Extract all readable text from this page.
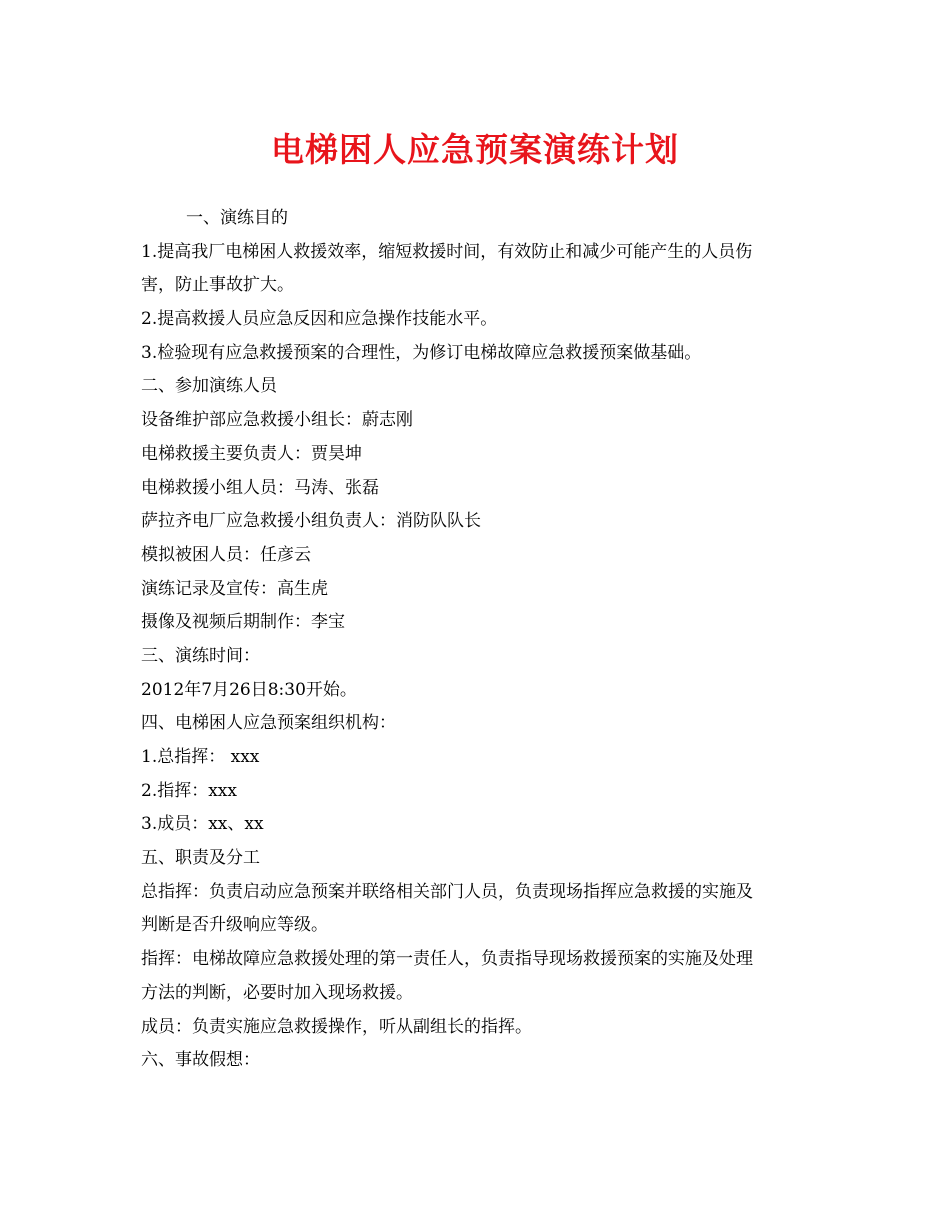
电梯困人应急预案演练计划
一、演练目的
1.提高我厂电梯困人救援效率，缩短救援时间，有效防止和减少可能产生的人员伤
害，防止事故扩大。
2.提高救援人员应急反因和应急操作技能水平。
3.检验现有应急救援预案的合理性，为修订电梯故障应急救援预案做基础。
二、参加演练人员
设备维护部应急救援小组长：蔚志刚
电梯救援主要负责人：贾昊坤
电梯救援小组人员：马涛、张磊
萨拉齐电厂应急救援小组负责人：消防队队长
模拟被困人员：任彦云
演练记录及宣传：高生虎
摄像及视频后期制作：李宝
三、演练时间：
2012年7月26日8:30开始。
四、电梯困人应急预案组织机构：
1.总指挥： xxx
2.指挥：xxx
3.成员：xx、xx
五、职责及分工
总指挥：负责启动应急预案并联络相关部门人员，负责现场指挥应急救援的实施及
判断是否升级响应等级。
指挥：电梯故障应急救援处理的第一责任人，负责指导现场救援预案的实施及处理
方法的判断，必要时加入现场救援。
成员：负责实施应急救援操作，听从副组长的指挥。
六、事故假想：
